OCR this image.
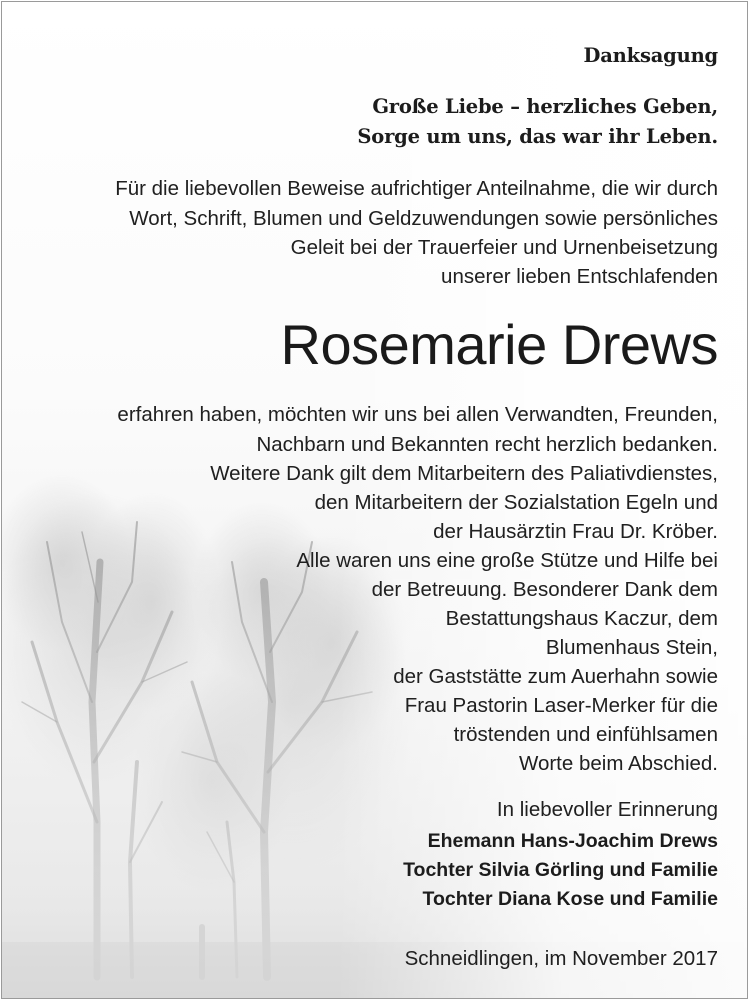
Danksagung
Große Liebe – herzliches Geben,
Sorge um uns, das war ihr Leben.
Für die liebevollen Beweise aufrichtiger Anteilnahme, die wir durch
Wort, Schrift, Blumen und Geldzuwendungen sowie persönliches
Geleit bei der Trauerfeier und Urnenbeisetzung
unserer lieben Entschlafenden
Rosemarie Drews
erfahren haben, möchten wir uns bei allen Verwandten, Freunden,
Nachbarn und Bekannten recht herzlich bedanken.
Weitere Dank gilt dem Mitarbeitern des Paliativdienstes,
den Mitarbeitern der Sozialstation Egeln und
der Hausärztin Frau Dr. Kröber.
Alle waren uns eine große Stütze und Hilfe bei
der Betreuung. Besonderer Dank dem
Bestattungshaus Kaczur, dem
Blumenhaus Stein,
der Gaststätte zum Auerhahn sowie
Frau Pastorin Laser-Merker für die
tröstenden und einfühlsamen
Worte beim Abschied.
In liebevoller Erinnerung
Ehemann Hans-Joachim Drews
Tochter Silvia Görling und Familie
Tochter Diana Kose und Familie
Schneidlingen, im November 2017
